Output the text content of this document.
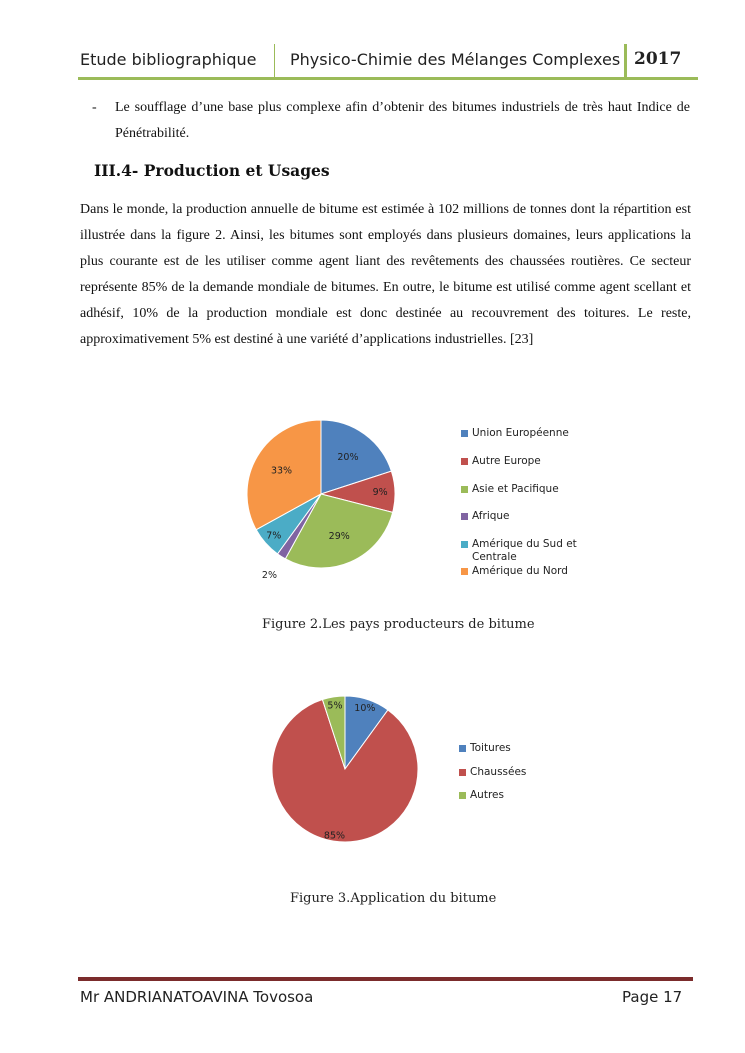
Etude bibliographique Physico-Chimie des Mélanges Complexes 2017
- Le soufflage d’une base plus complexe afin d’obtenir des bitumes industriels de très haut Indice de Pénétrabilité.
III.4- Production et Usages
Dans le monde, la production annuelle de bitume est estimée à 102 millions de tonnes dont la répartition est illustrée dans la figure 2. Ainsi, les bitumes sont employés dans plusieurs domaines, leurs applications la plus courante est de les utiliser comme agent liant des revêtements des chaussées routières. Ce secteur représente 85% de la demande mondiale de bitumes. En outre, le bitume est utilisé comme agent scellant et adhésif, 10% de la production mondiale est donc destinée au recouvrement des toitures. Le reste, approximativement 5% est destiné à une variété d’applications industrielles. [23]
20%
9%
29%
2%
7%
33%
Union Européenne
Autre Europe
Asie et Pacifique
Afrique
Amérique du Sud et Centrale
Amérique du Nord
Figure 2.Les pays producteurs de bitume
10%
85%
5%
Toitures
Chaussées
Autres
Figure 3.Application du bitume
Mr ANDRIANATOAVINA Tovosoa	Page 17
